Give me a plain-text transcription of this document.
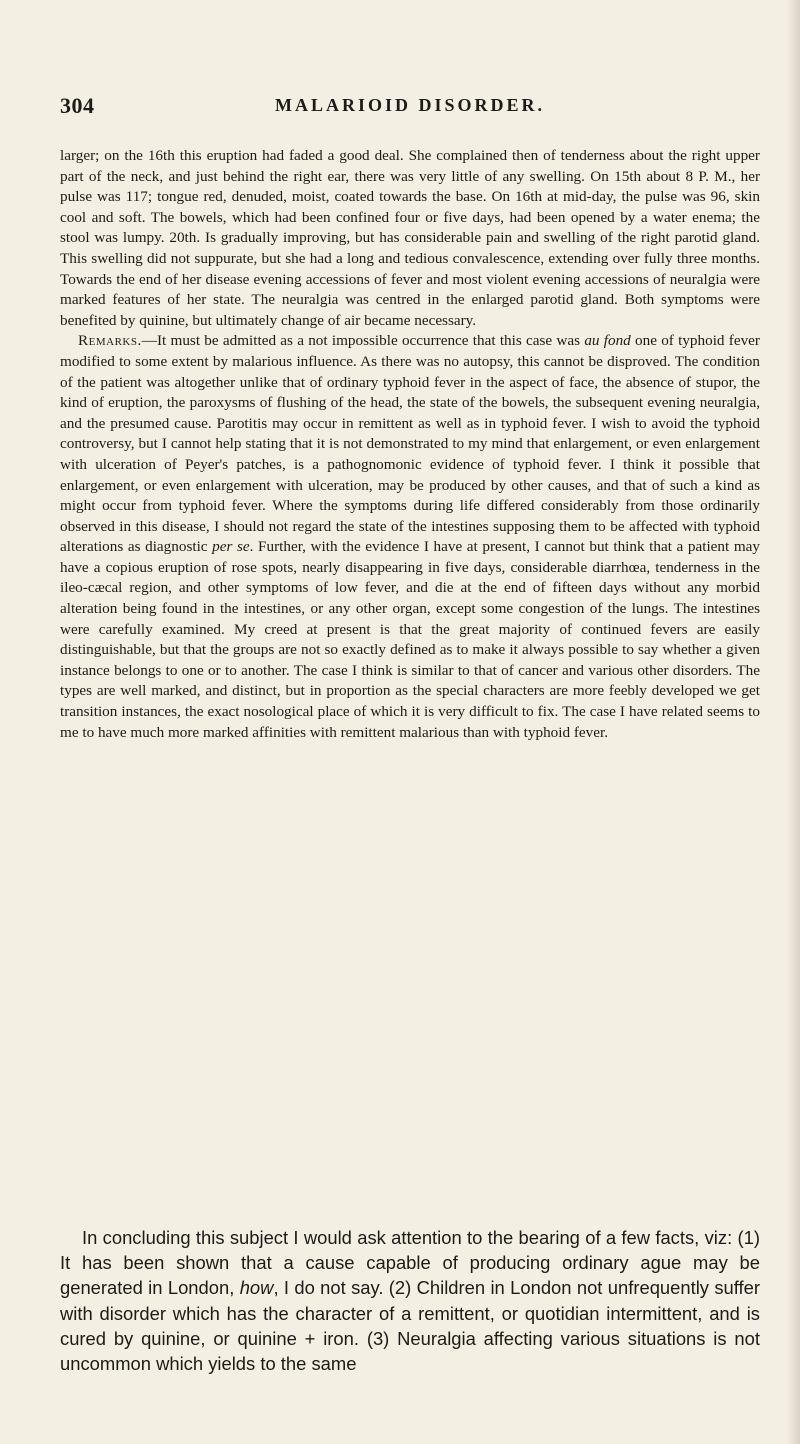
304	MALARIOID DISORDER.

larger; on the 16th this eruption had faded a good deal. She complained then of tenderness about the right upper part of the neck, and just behind the right ear, there was very little of any swelling. On 15th about 8 P. M., her pulse was 117; tongue red, denuded, moist, coated towards the base. On 16th at mid-day, the pulse was 96, skin cool and soft. The bowels, which had been confined four or five days, had been opened by a water enema; the stool was lumpy. 20th. Is gradually improving, but has considerable pain and swelling of the right parotid gland. This swelling did not suppurate, but she had a long and tedious convalescence, extending over fully three months. Towards the end of her disease evening accessions of fever and most violent evening accessions of neuralgia were marked features of her state. The neuralgia was centred in the enlarged parotid gland. Both symptoms were benefited by quinine, but ultimately change of air became necessary.

Remarks.—It must be admitted as a not impossible occurrence that this case was au fond one of typhoid fever modified to some extent by malarious influence. As there was no autopsy, this cannot be disproved. The condition of the patient was altogether unlike that of ordinary typhoid fever in the aspect of face, the absence of stupor, the kind of eruption, the paroxysms of flushing of the head, the state of the bowels, the subsequent evening neuralgia, and the presumed cause. Parotitis may occur in remittent as well as in typhoid fever. I wish to avoid the typhoid controversy, but I cannot help stating that it is not demonstrated to my mind that enlargement, or even enlargement with ulceration of Peyer's patches, is a pathognomonic evidence of typhoid fever. I think it possible that enlargement, or even enlargement with ulceration, may be produced by other causes, and that of such a kind as might occur from typhoid fever. Where the symptoms during life differed considerably from those ordinarily observed in this disease, I should not regard the state of the intestines supposing them to be affected with typhoid alterations as diagnostic per se. Further, with the evidence I have at present, I cannot but think that a patient may have a copious eruption of rose spots, nearly disappearing in five days, considerable diarrhœa, tenderness in the ileo-cæcal region, and other symptoms of low fever, and die at the end of fifteen days without any morbid alteration being found in the intestines, or any other organ, except some congestion of the lungs. The intestines were carefully examined. My creed at present is that the great majority of continued fevers are easily distinguishable, but that the groups are not so exactly defined as to make it always possible to say whether a given instance belongs to one or to another. The case I think is similar to that of cancer and various other disorders. The types are well marked, and distinct, but in proportion as the special characters are more feebly developed we get transition instances, the exact nosological place of which it is very difficult to fix. The case I have related seems to me to have much more marked affinities with remittent malarious than with typhoid fever.

In concluding this subject I would ask attention to the bearing of a few facts, viz: (1) It has been shown that a cause capable of producing ordinary ague may be generated in London, how, I do not say. (2) Children in London not unfrequently suffer with disorder which has the character of a remittent, or quotidian intermittent, and is cured by quinine, or quinine + iron. (3) Neuralgia affecting various situations is not uncommon which yields to the same
